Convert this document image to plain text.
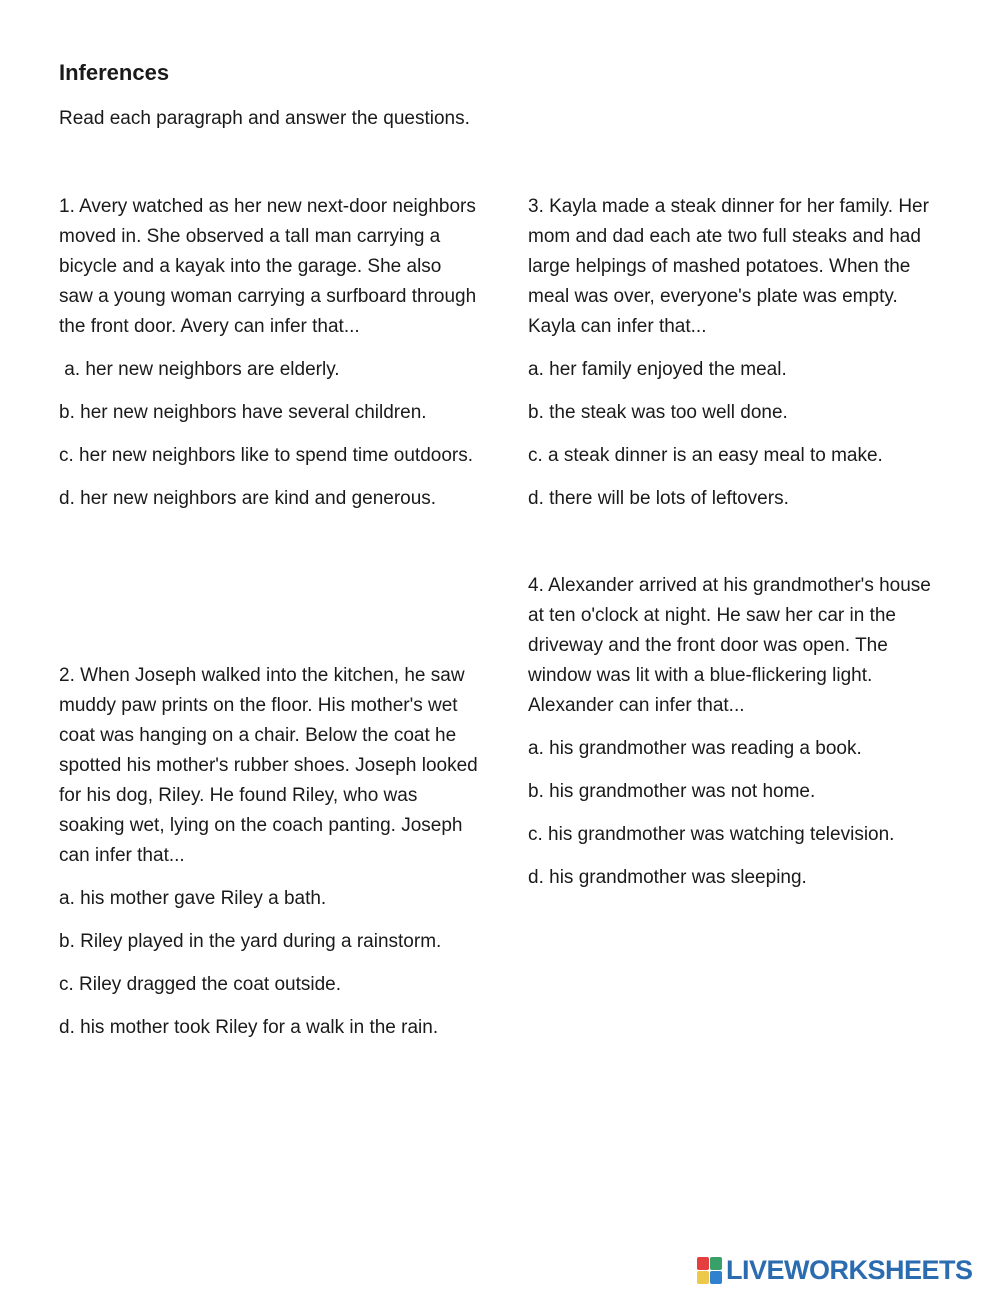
Inferences

Read each paragraph and answer the questions.

1. Avery watched as her new next-door neighbors moved in. She observed a tall man carrying a bicycle and a kayak into the garage. She also saw a young woman carrying a surfboard through the front door. Avery can infer that...

a. her new neighbors are elderly.

b. her new neighbors have several children.

c. her new neighbors like to spend time outdoors.

d. her new neighbors are kind and generous.

2. When Joseph walked into the kitchen, he saw muddy paw prints on the floor. His mother's wet coat was hanging on a chair. Below the coat he spotted his mother's rubber shoes. Joseph looked for his dog, Riley. He found Riley, who was soaking wet, lying on the coach panting. Joseph can infer that...

a. his mother gave Riley a bath.

b. Riley played in the yard during a rainstorm.

c. Riley dragged the coat outside.

d. his mother took Riley for a walk in the rain.

3. Kayla made a steak dinner for her family. Her mom and dad each ate two full steaks and had large helpings of mashed potatoes. When the meal was over, everyone's plate was empty. Kayla can infer that...

a. her family enjoyed the meal.

b. the steak was too well done.

c. a steak dinner is an easy meal to make.

d. there will be lots of leftovers.

4. Alexander arrived at his grandmother's house at ten o'clock at night. He saw her car in the driveway and the front door was open. The window was lit with a blue-flickering light. Alexander can infer that...

a. his grandmother was reading a book.

b. his grandmother was not home.

c. his grandmother was watching television.

d. his grandmother was sleeping.

LIVEWORKSHEETS
